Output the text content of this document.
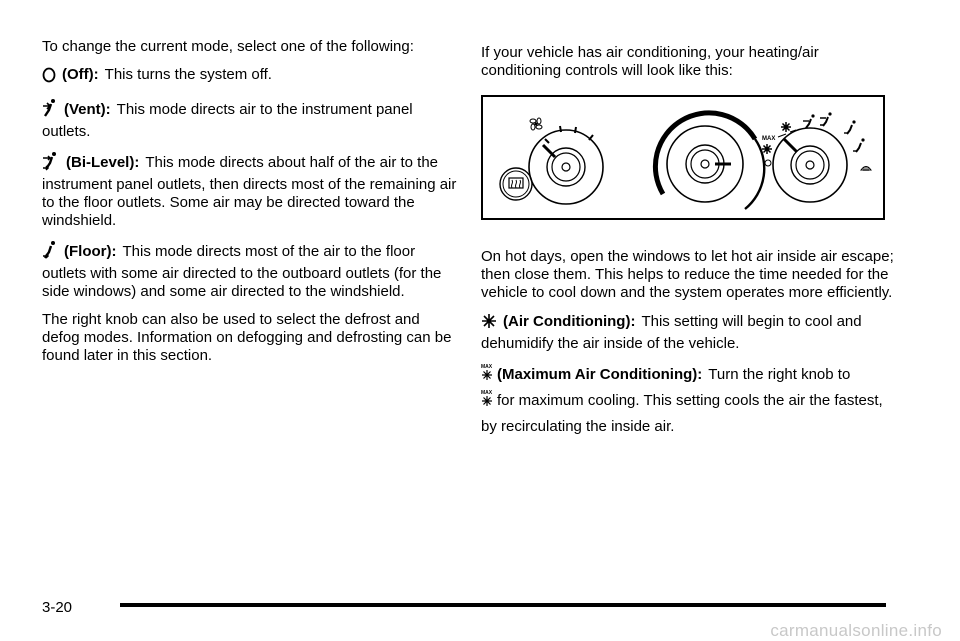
To change the current mode, select one of the following:

(Off): This turns the system off.

(Vent): This mode directs air to the instrument panel outlets.

(Bi-Level): This mode directs about half of the air to the instrument panel outlets, then directs most of the remaining air to the floor outlets. Some air may be directed toward the windshield.

(Floor): This mode directs most of the air to the floor outlets with some air directed to the outboard outlets (for the side windows) and some air directed to the windshield.

The right knob can also be used to select the defrost and defog modes. Information on defogging and defrosting can be found later in this section.

If your vehicle has air conditioning, your heating/air conditioning controls will look like this:

MAX

On hot days, open the windows to let hot air inside air escape; then close them. This helps to reduce the time needed for the vehicle to cool down and the system operates more efficiently.

(Air Conditioning): This setting will begin to cool and dehumidify the air inside of the vehicle.

MAX (Maximum Air Conditioning): Turn the right knob to

MAX for maximum cooling. This setting cools the air the fastest, by recirculating the inside air.

3-20
carmanualsonline.info
